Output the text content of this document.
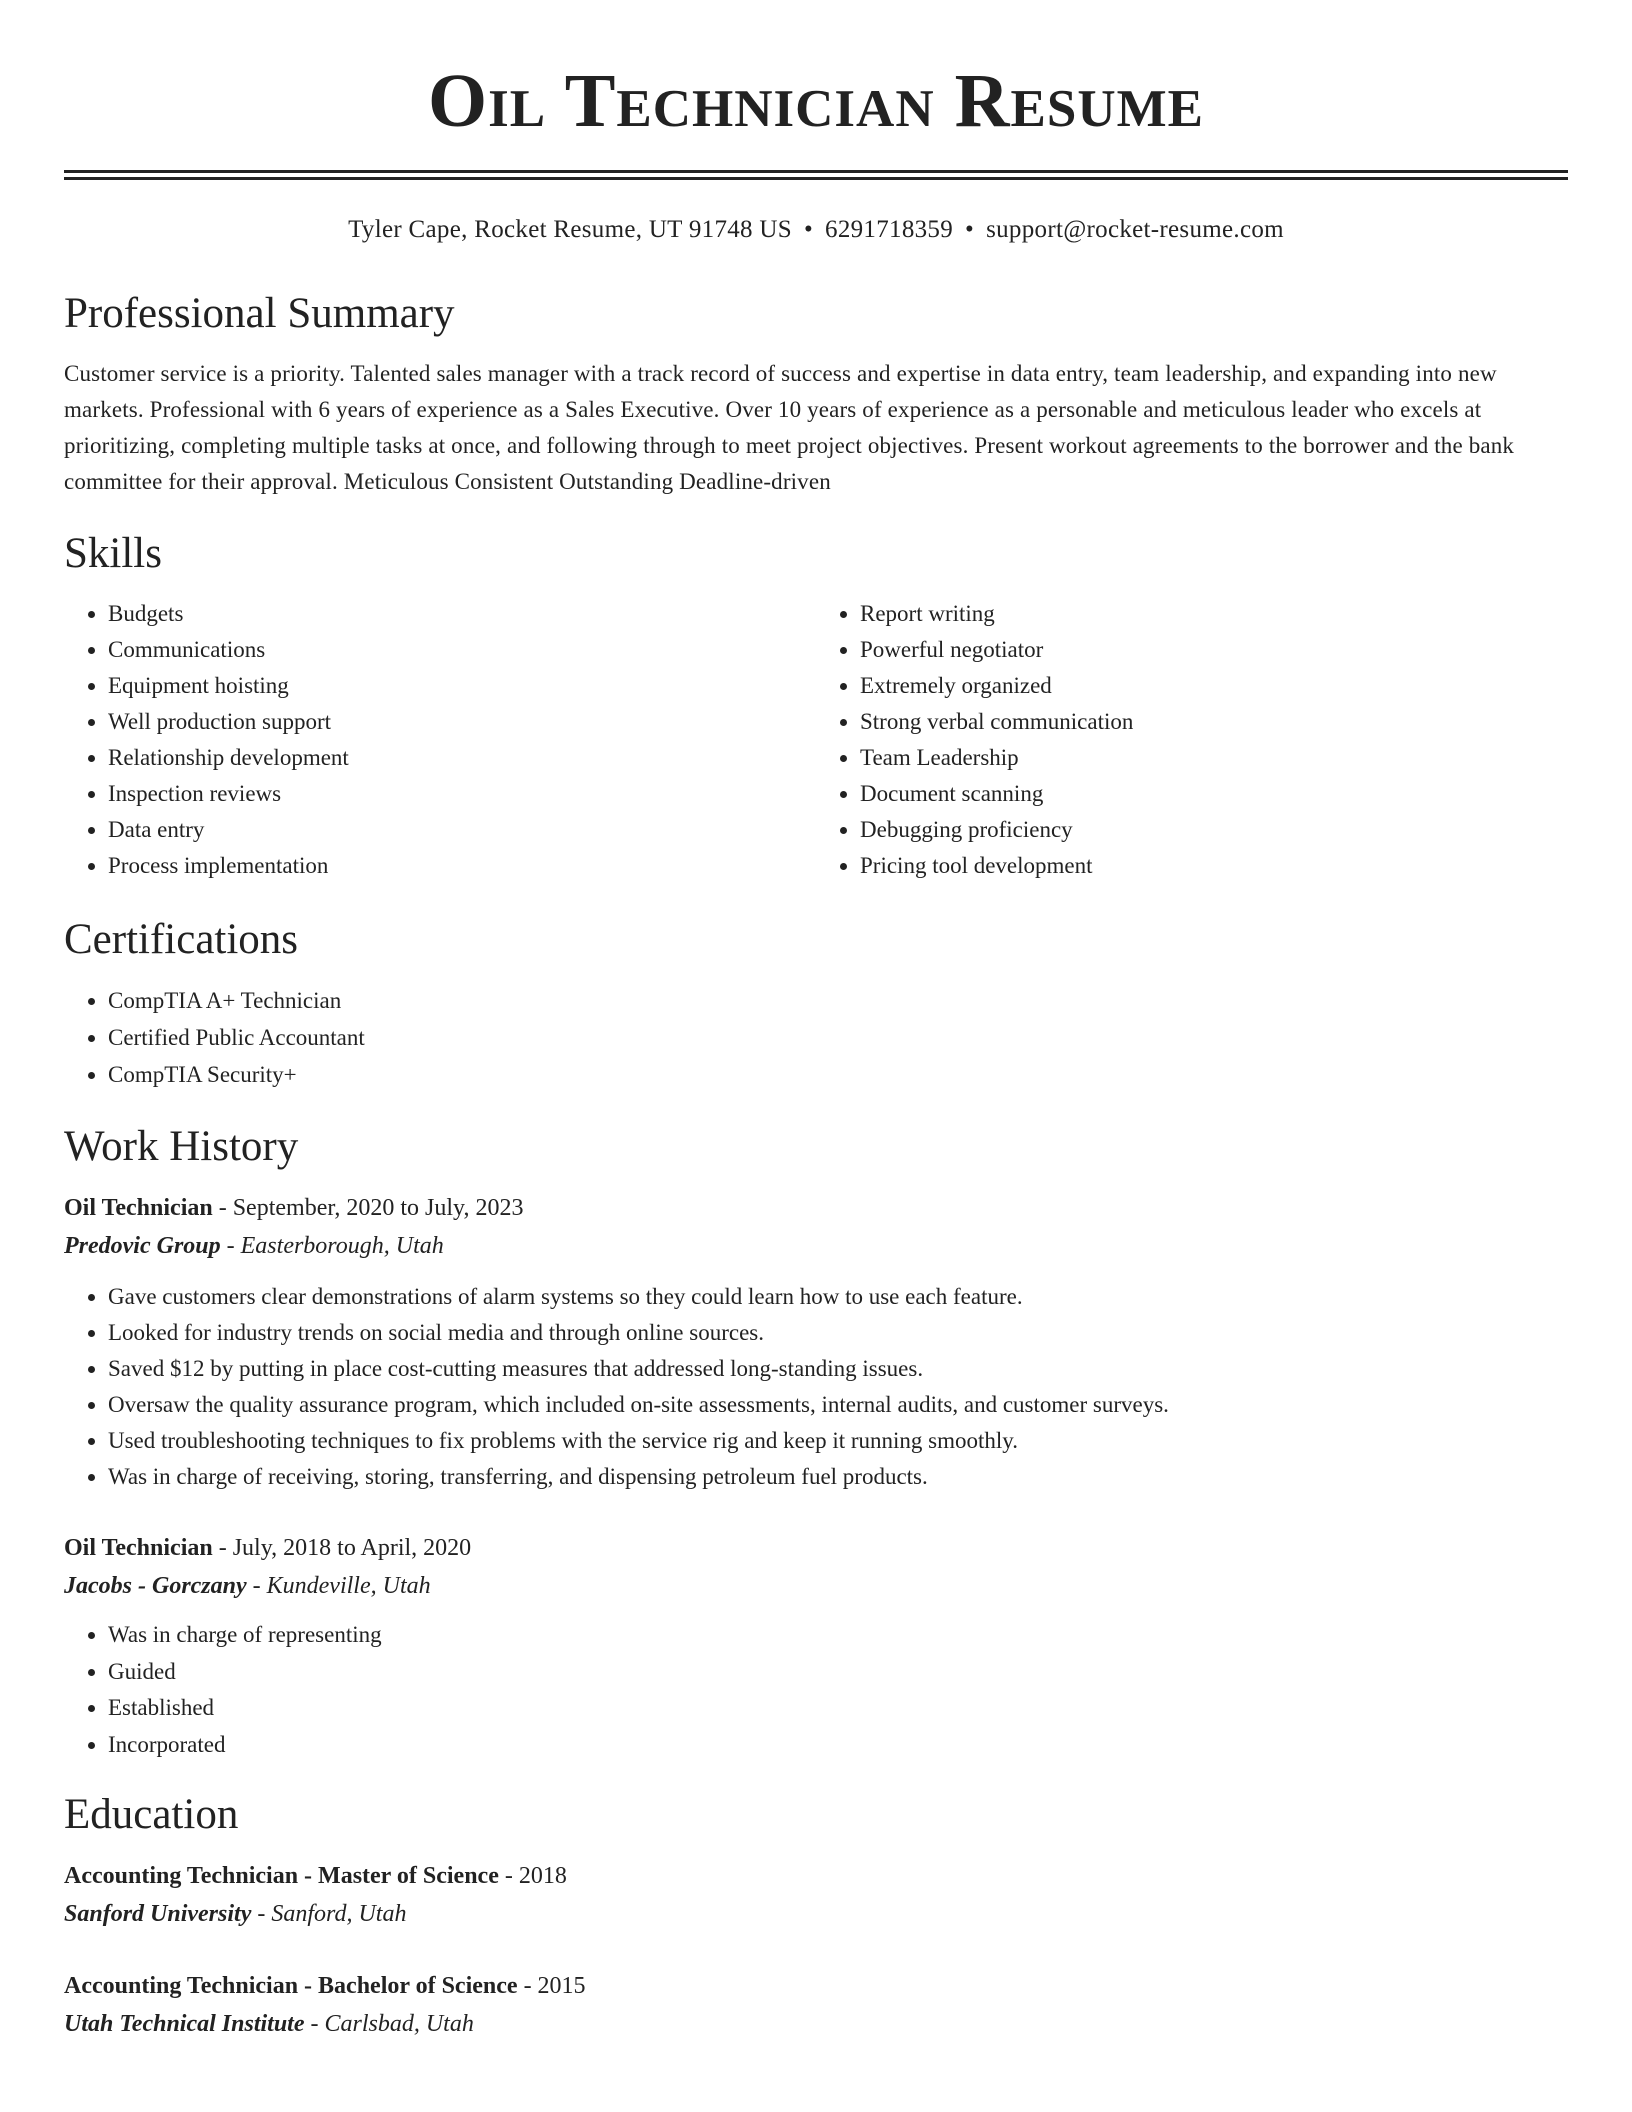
Oil Technician Resume
Tyler Cape, Rocket Resume, UT 91748 US • 6291718359 • support@rocket-resume.com
Professional Summary

Customer service is a priority. Talented sales manager with a track record of success and expertise in data entry, team leadership, and expanding into new markets. Professional with 6 years of experience as a Sales Executive. Over 10 years of experience as a personable and meticulous leader who excels at prioritizing, completing multiple tasks at once, and following through to meet project objectives. Present workout agreements to the borrower and the bank committee for their approval. Meticulous Consistent Outstanding Deadline-driven

Skills
• Budgets
• Communications
• Equipment hoisting
• Well production support
• Relationship development
• Inspection reviews
• Data entry
• Process implementation
• Report writing
• Powerful negotiator
• Extremely organized
• Strong verbal communication
• Team Leadership
• Document scanning
• Debugging proficiency
• Pricing tool development
Certifications
• CompTIA A+ Technician
• Certified Public Accountant
• CompTIA Security+
Work History
Oil Technician - September, 2020 to July, 2023
Predovic Group - Easterborough, Utah
• Gave customers clear demonstrations of alarm systems so they could learn how to use each feature.
• Looked for industry trends on social media and through online sources.
• Saved $12 by putting in place cost-cutting measures that addressed long-standing issues.
• Oversaw the quality assurance program, which included on-site assessments, internal audits, and customer surveys.
• Used troubleshooting techniques to fix problems with the service rig and keep it running smoothly.
• Was in charge of receiving, storing, transferring, and dispensing petroleum fuel products.
Oil Technician - July, 2018 to April, 2020
Jacobs - Gorczany - Kundeville, Utah
• Was in charge of representing
• Guided
• Established
• Incorporated
Education
Accounting Technician - Master of Science - 2018
Sanford University - Sanford, Utah
Accounting Technician - Bachelor of Science - 2015
Utah Technical Institute - Carlsbad, Utah
